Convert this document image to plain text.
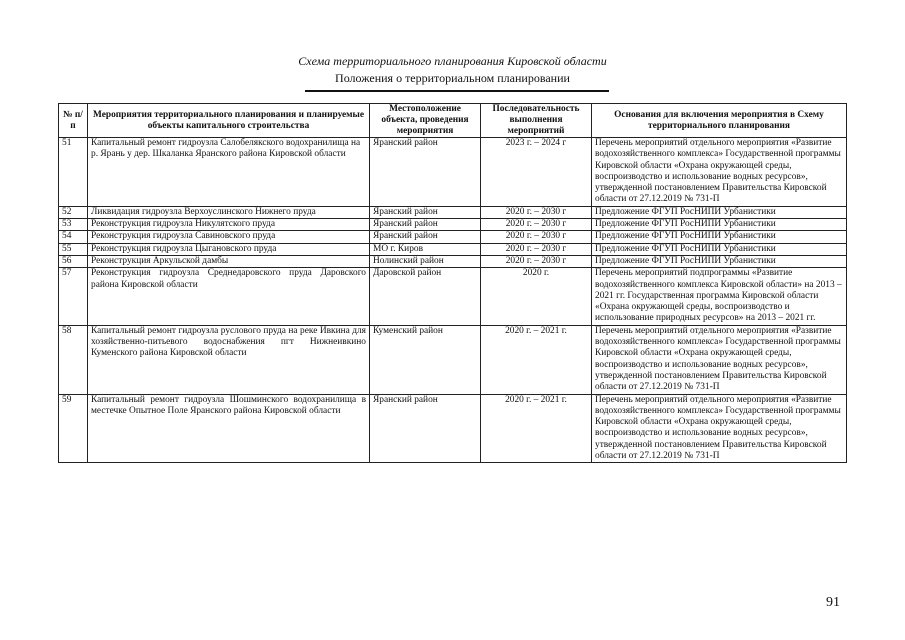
Схема территориального планирования Кировской области
Положения о территориальном планировании
№ п/п	Мероприятия территориального планирования и планируемые объекты капитального строительства	Местоположение объекта, проведения мероприятия	Последовательность выполнения мероприятий	Основания для включения мероприятия в Схему территориального планирования
51	Капитальный ремонт гидроузла Салобелякского водохранилища на р. Ярань у дер. Шкаланка Яранского района Кировской области	Яранский район	2023 г. – 2024 г	Перечень мероприятий отдельного мероприятия «Развитие водохозяйственного комплекса» Государственной программы Кировской области «Охрана окружающей среды, воспроизводство и использование водных ресурсов», утвержденной постановлением Правительства Кировской области от 27.12.2019 № 731-П
52	Ликвидация гидроузла Верхоуслинского Нижнего пруда	Яранский район	2020 г. – 2030 г	Предложение ФГУП РосНИПИ Урбанистики
53	Реконструкция гидроузла Никулятского пруда	Яранский район	2020 г. – 2030 г	Предложение ФГУП РосНИПИ Урбанистики
54	Реконструкция гидроузла Савиновского пруда	Яранский район	2020 г. – 2030 г	Предложение ФГУП РосНИПИ Урбанистики
55	Реконструкция гидроузла Цыгановского пруда	МО г. Киров	2020 г. – 2030 г	Предложение ФГУП РосНИПИ Урбанистики
56	Реконструкция Аркульской дамбы	Нолинский район	2020 г. – 2030 г	Предложение ФГУП РосНИПИ Урбанистики
57	Реконструкция гидроузла Среднедаровского пруда Даровского района Кировской области	Даровской район	2020 г.	Перечень мероприятий подпрограммы «Развитие водохозяйственного комплекса Кировской области» на 2013 – 2021 гг. Государственная программа Кировской области «Охрана окружающей среды, воспроизводство и использование природных ресурсов» на 2013 – 2021 гг.
58	Капитальный ремонт гидроузла руслового пруда на реке Ивкина для хозяйственно-питьевого водоснабжения пгт Нижнеивкино Куменского района Кировской области	Куменский район	2020 г. – 2021 г.	Перечень мероприятий отдельного мероприятия «Развитие водохозяйственного комплекса» Государственной программы Кировской области «Охрана окружающей среды, воспроизводство и использование водных ресурсов», утвержденной постановлением Правительства Кировской области от 27.12.2019 № 731-П
59	Капитальный ремонт гидроузла Шошминского водохранилища в местечке Опытное Поле Яранского района Кировской области	Яранский район	2020 г. – 2021 г.	Перечень мероприятий отдельного мероприятия «Развитие водохозяйственного комплекса» Государственной программы Кировской области «Охрана окружающей среды, воспроизводство и использование водных ресурсов», утвержденной постановлением Правительства Кировской области от 27.12.2019 № 731-П
91
